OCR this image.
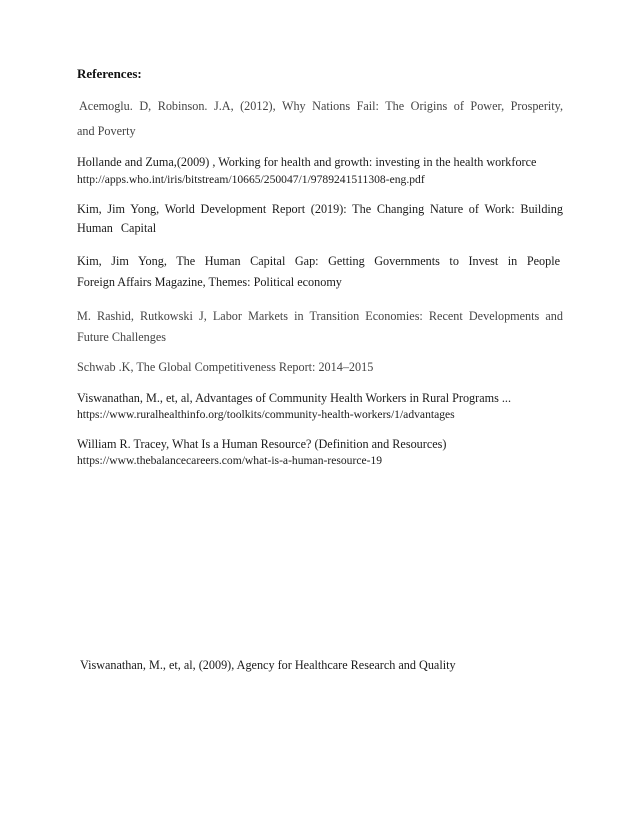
References:
Acemoglu. D, Robinson. J.A, (2012), Why Nations Fail: The Origins of Power, Prosperity,
and Poverty
Hollande and Zuma,(2009) , Working for health and growth: investing in the health workforce
http://apps.who.int/iris/bitstream/10665/250047/1/9789241511308-eng.pdf
Kim, Jim Yong, World Development Report (2019): The Changing Nature of Work: Building
Human Capital
Kim, Jim Yong, The Human Capital Gap: Getting Governments to Invest in People
Foreign Affairs Magazine, Themes: Political economy
M. Rashid, Rutkowski J, Labor Markets in Transition Economies: Recent Developments and
Future Challenges
Schwab .K, The Global Competitiveness Report: 2014–2015
Viswanathan, M., et, al, Advantages of Community Health Workers in Rural Programs ...
https://www.ruralhealthinfo.org/toolkits/community-health-workers/1/advantages
William R. Tracey, What Is a Human Resource? (Definition and Resources)
https://www.thebalancecareers.com/what-is-a-human-resource-19
Viswanathan, M., et, al, (2009), Agency for Healthcare Research and Quality
